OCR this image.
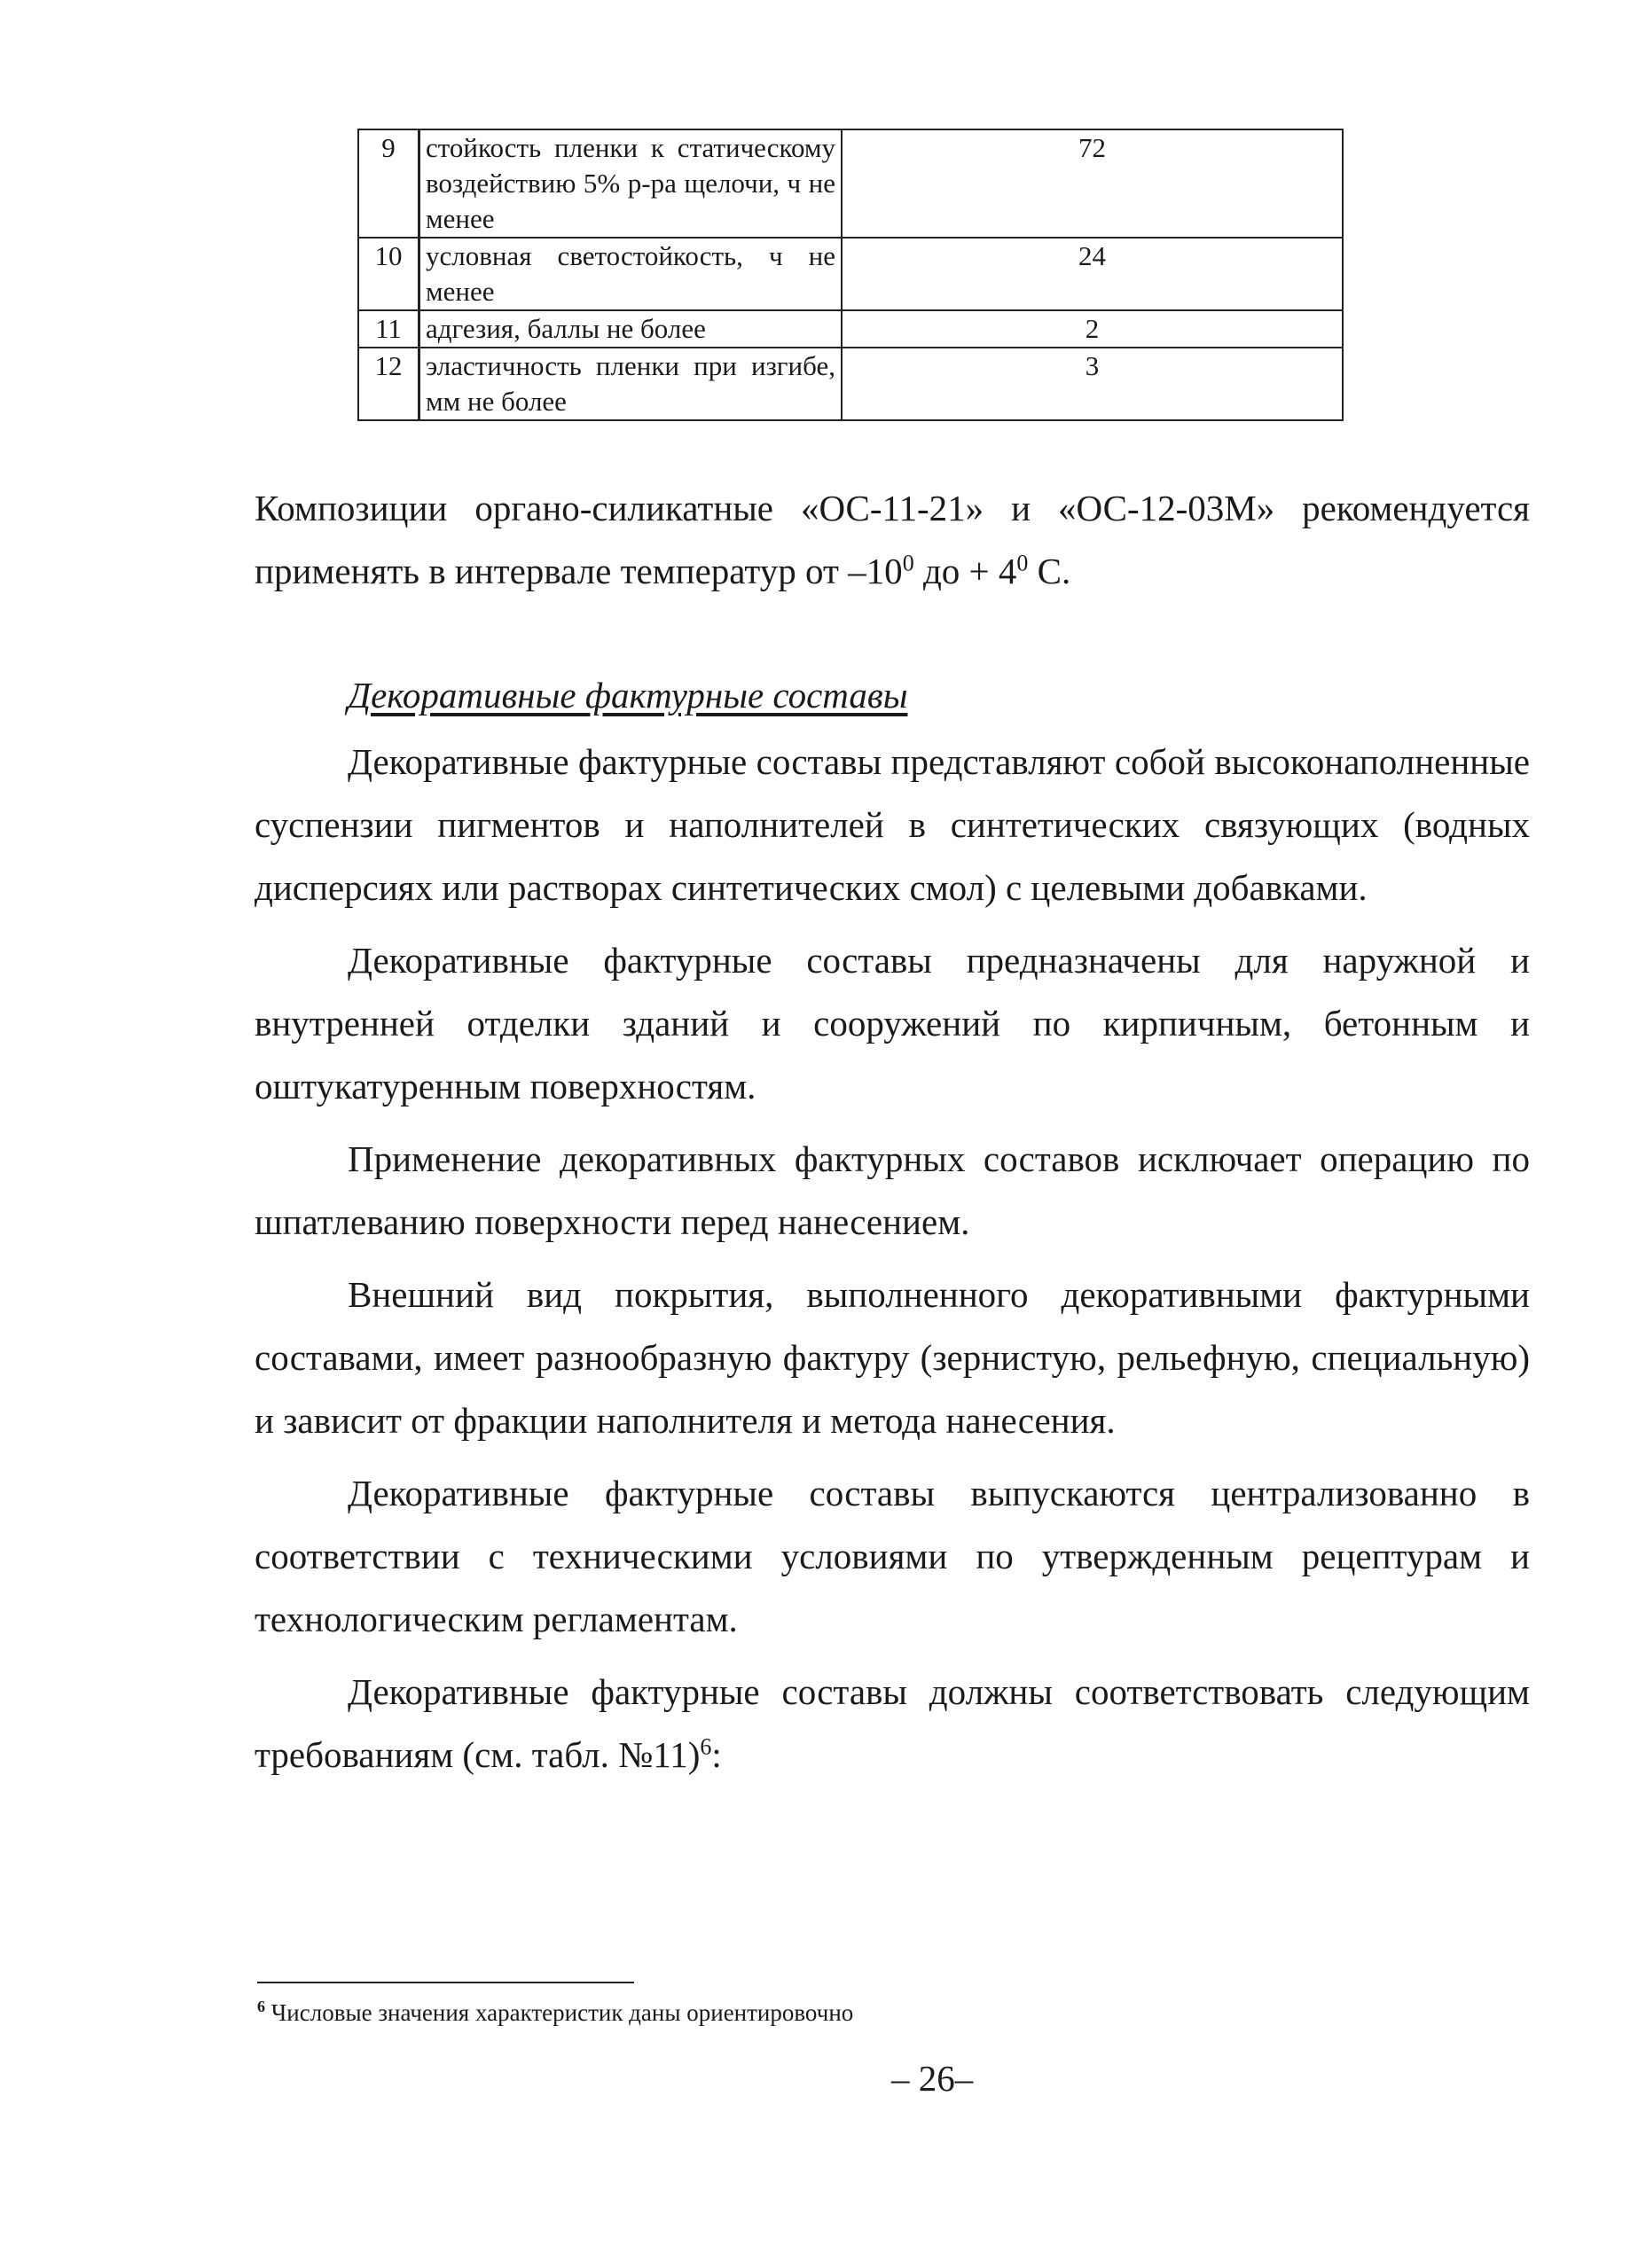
9	стойкость пленки к статическому воздействию 5% р-ра щелочи, ч не менее	72
10	условная светостойкость, ч не менее	24
11	адгезия, баллы не более	2
12	эластичность пленки при изгибе, мм не более	3

Композиции органо-силикатные «ОС-11-21» и «ОС-12-03М» рекомендуется применять в интервале температур от $-10^0$ до + $4^0$ С.

Декоративные фактурные составы

Декоративные фактурные составы представляют собой высоконаполненные суспензии пигментов и наполнителей в синтетических связующих (водных дисперсиях или растворах синтетических смол) с целевыми добавками.

Декоративные фактурные составы предназначены для наружной и внутренней отделки зданий и сооружений по кирпичным, бетонным и оштукатуренным поверхностям.

Применение декоративных фактурных составов исключает операцию по шпатлеванию поверхности перед нанесением.

Внешний вид покрытия, выполненного декоративными фактурными составами, имеет разнообразную фактуру (зернистую, рельефную, специальную) и зависит от фракции наполнителя и метода нанесения.

Декоративные фактурные составы выпускаются централизованно в соответствии с техническими условиями по утвержденным рецептурам и технологическим регламентам.

Декоративные фактурные составы должны соответствовать следующим требованиям (см. табл. №11)$^6$:

$^6$ Числовые значения характеристик даны ориентировочно

– 26–
